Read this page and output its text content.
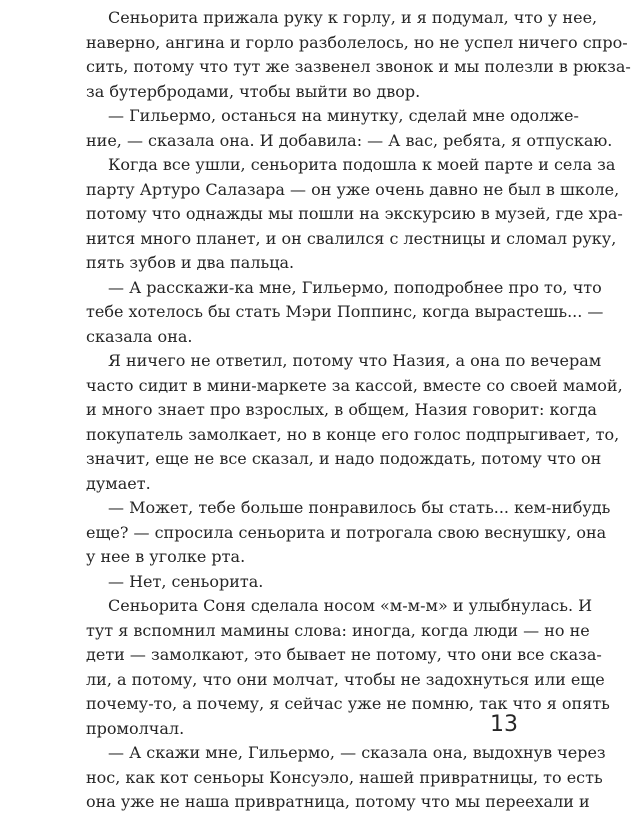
Сеньорита прижала руку к горлу, и я подумал, что у нее,
наверно, ангина и горло разболелось, но не успел ничего спро-
сить, потому что тут же зазвенел звонок и мы полезли в рюкза-
за бутербродами, чтобы выйти во двор.
— Гильермо, останься на минутку, сделай мне одолже-
ние, — сказала она. И добавила: — А вас, ребята, я отпускаю.
Когда все ушли, сеньорита подошла к моей парте и села за
парту Артуро Салазара — он уже очень давно не был в школе,
потому что однажды мы пошли на экскурсию в музей, где хра-
нится много планет, и он свалился с лестницы и сломал руку,
пять зубов и два пальца.
— А расскажи-ка мне, Гильермо, поподробнее про то, что
тебе хотелось бы стать Мэри Поппинс, когда вырастешь... —
сказала она.
Я ничего не ответил, потому что Назия, а она по вечерам
часто сидит в мини-маркете за кассой, вместе со своей мамой,
и много знает про взрослых, в общем, Назия говорит: когда
покупатель замолкает, но в конце его голос подпрыгивает, то,
значит, еще не все сказал, и надо подождать, потому что он
думает.
— Может, тебе больше понравилось бы стать... кем-нибудь
еще? — спросила сеньорита и потрогала свою веснушку, она
у нее в уголке рта.
— Нет, сеньорита.
Сеньорита Соня сделала носом «м-м-м» и улыбнулась. И
тут я вспомнил мамины слова: иногда, когда люди — но не
дети — замолкают, это бывает не потому, что они все сказа-
ли, а потому, что они молчат, чтобы не задохнуться или еще
почему-то, а почему, я сейчас уже не помню, так что я опять
промолчал.
— А скажи мне, Гильермо, — сказала она, выдохнув через
нос, как кот сеньоры Консуэло, нашей привратницы, то есть
она уже не наша привратница, потому что мы переехали и
13
